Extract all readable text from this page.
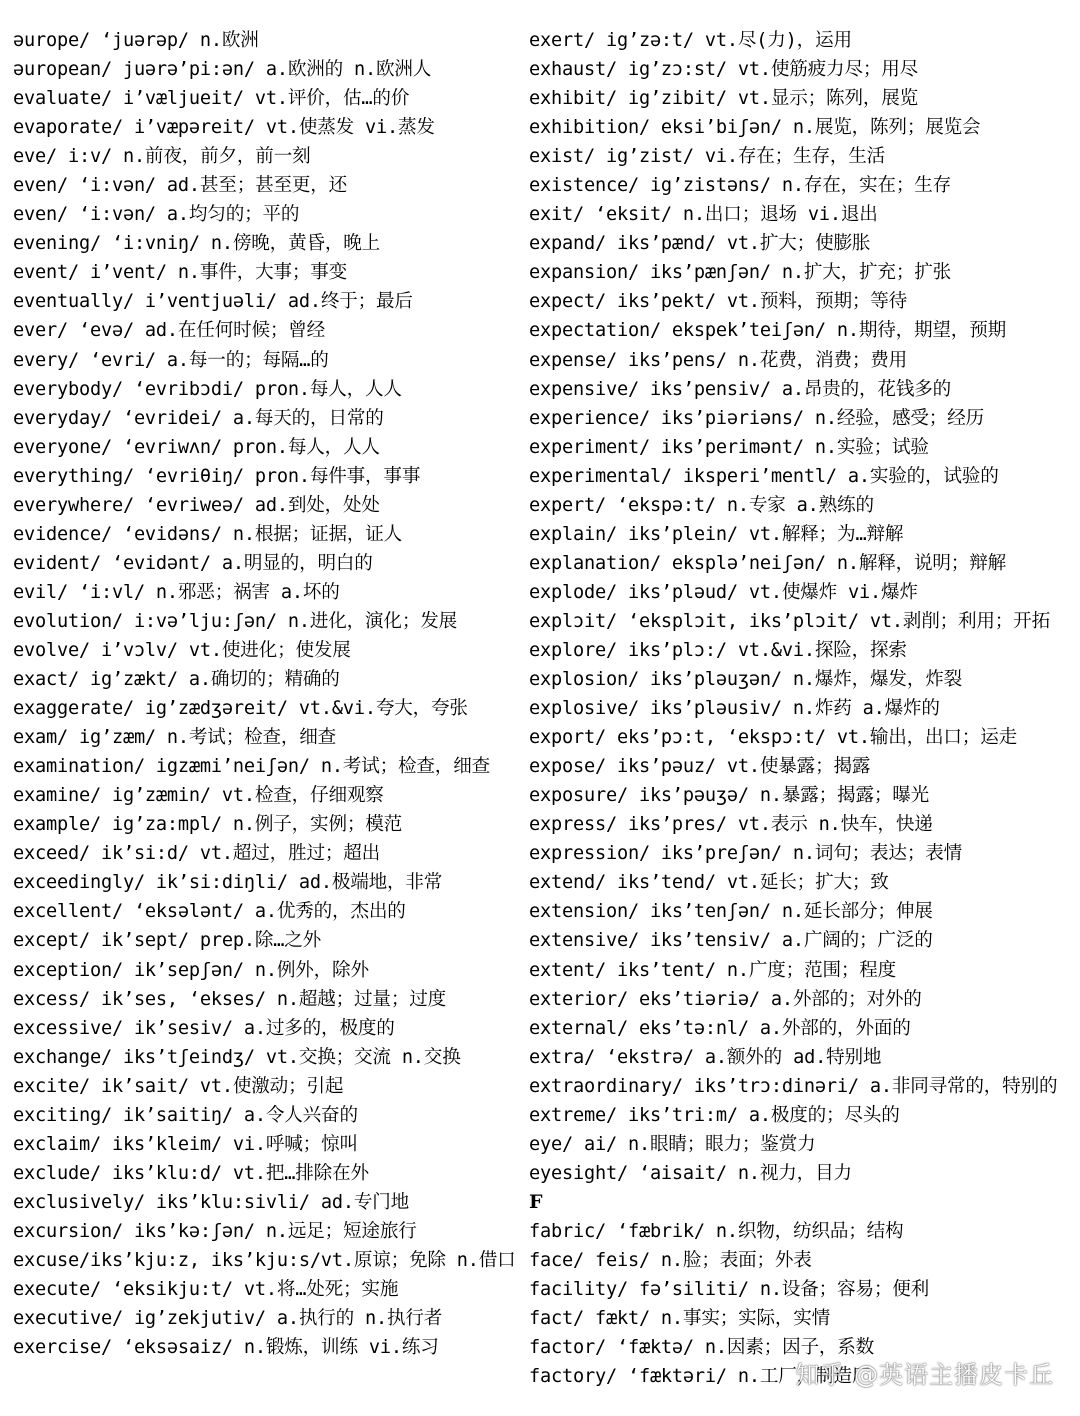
əurope/ ‘juərəp/ n.欧洲
əuropean/ juərə’pi:ən/ a.欧洲的 n.欧洲人
evaluate/ i’væljueit/ vt.评价，估…的价
evaporate/ i’væpəreit/ vt.使蒸发 vi.蒸发
eve/ i:v/ n.前夜，前夕，前一刻
even/ ‘i:vən/ ad.甚至；甚至更，还
even/ ‘i:vən/ a.均匀的；平的
evening/ ‘i:vniŋ/ n.傍晚，黄昏，晚上
event/ i’vent/ n.事件，大事；事变
eventually/ i’ventjuəli/ ad.终于；最后
ever/ ‘evə/ ad.在任何时候；曾经
every/ ‘evri/ a.每一的；每隔…的
everybody/ ‘evribɔdi/ pron.每人，人人
everyday/ ‘evridei/ a.每天的，日常的
everyone/ ‘evriwʌn/ pron.每人，人人
everything/ ‘evriθiŋ/ pron.每件事，事事
everywhere/ ‘evriweə/ ad.到处，处处
evidence/ ‘evidəns/ n.根据；证据，证人
evident/ ‘evidənt/ a.明显的，明白的
evil/ ‘i:vl/ n.邪恶；祸害 a.坏的
evolution/ i:və’lju:ʃən/ n.进化，演化；发展
evolve/ i’vɔlv/ vt.使进化；使发展
exact/ ig’zækt/ a.确切的；精确的
exaggerate/ ig’zædʒəreit/ vt.&vi.夸大，夸张
exam/ ig’zæm/ n.考试；检查，细查
examination/ igzæmi’neiʃən/ n.考试；检查，细查
examine/ ig’zæmin/ vt.检查，仔细观察
example/ ig’za:mpl/ n.例子，实例；模范
exceed/ ik’si:d/ vt.超过，胜过；超出
exceedingly/ ik’si:diŋli/ ad.极端地，非常
excellent/ ‘eksələnt/ a.优秀的，杰出的
except/ ik’sept/ prep.除…之外
exception/ ik’sepʃən/ n.例外，除外
excess/ ik’ses, ‘ekses/ n.超越；过量；过度
excessive/ ik’sesiv/ a.过多的，极度的
exchange/ iks’tʃeindʒ/ vt.交换；交流 n.交换
excite/ ik’sait/ vt.使激动；引起
exciting/ ik’saitiŋ/ a.令人兴奋的
exclaim/ iks’kleim/ vi.呼喊；惊叫
exclude/ iks’klu:d/ vt.把…排除在外
exclusively/ iks’klu:sivli/ ad.专门地
excursion/ iks’kə:ʃən/ n.远足；短途旅行
excuse/iks’kju:z, iks’kju:s/vt.原谅；免除 n.借口
execute/ ‘eksikju:t/ vt.将…处死；实施
executive/ ig’zekjutiv/ a.执行的 n.执行者
exercise/ ‘eksəsaiz/ n.锻炼，训练 vi.练习
exert/ ig’zə:t/ vt.尽(力)，运用
exhaust/ ig’zɔ:st/ vt.使筋疲力尽；用尽
exhibit/ ig’zibit/ vt.显示；陈列，展览
exhibition/ eksi’biʃən/ n.展览，陈列；展览会
exist/ ig’zist/ vi.存在；生存，生活
existence/ ig’zistəns/ n.存在，实在；生存
exit/ ‘eksit/ n.出口；退场 vi.退出
expand/ iks’pænd/ vt.扩大；使膨胀
expansion/ iks’pænʃən/ n.扩大，扩充；扩张
expect/ iks’pekt/ vt.预料，预期；等待
expectation/ ekspek’teiʃən/ n.期待，期望，预期
expense/ iks’pens/ n.花费，消费；费用
expensive/ iks’pensiv/ a.昂贵的，花钱多的
experience/ iks’piəriəns/ n.经验，感受；经历
experiment/ iks’perimənt/ n.实验；试验
experimental/ iksperi’mentl/ a.实验的，试验的
expert/ ‘ekspə:t/ n.专家 a.熟练的
explain/ iks’plein/ vt.解释；为…辩解
explanation/ eksplə’neiʃən/ n.解释，说明；辩解
explode/ iks’pləud/ vt.使爆炸 vi.爆炸
explɔit/ ‘eksplɔit, iks’plɔit/ vt.剥削；利用；开拓
explore/ iks’plɔ:/ vt.&vi.探险，探索
explosion/ iks’pləuʒən/ n.爆炸，爆发，炸裂
explosive/ iks’pləusiv/ n.炸药 a.爆炸的
export/ eks’pɔ:t, ‘ekspɔ:t/ vt.输出，出口；运走
expose/ iks’pəuz/ vt.使暴露；揭露
exposure/ iks’pəuʒə/ n.暴露；揭露；曝光
express/ iks’pres/ vt.表示 n.快车，快递
expression/ iks’preʃən/ n.词句；表达；表情
extend/ iks’tend/ vt.延长；扩大；致
extension/ iks’tenʃən/ n.延长部分；伸展
extensive/ iks’tensiv/ a.广阔的；广泛的
extent/ iks’tent/ n.广度；范围；程度
exterior/ eks’tiəriə/ a.外部的；对外的
external/ eks’tə:nl/ a.外部的，外面的
extra/ ‘ekstrə/ a.额外的 ad.特别地
extraordinary/ iks’trɔ:dinəri/ a.非同寻常的，特别的
extreme/ iks’tri:m/ a.极度的；尽头的
eye/ ai/ n.眼睛；眼力；鉴赏力
eyesight/ ‘aisait/ n.视力，目力
F
fabric/ ‘fæbrik/ n.织物，纺织品；结构
face/ feis/ n.脸；表面；外表
facility/ fə’siliti/ n.设备；容易；便利
fact/ fækt/ n.事实；实际，实情
factor/ ‘fæktə/ n.因素；因子，系数
factory/ ‘fæktəri/ n.工厂，制造厂
知乎 @英语主播皮卡丘
